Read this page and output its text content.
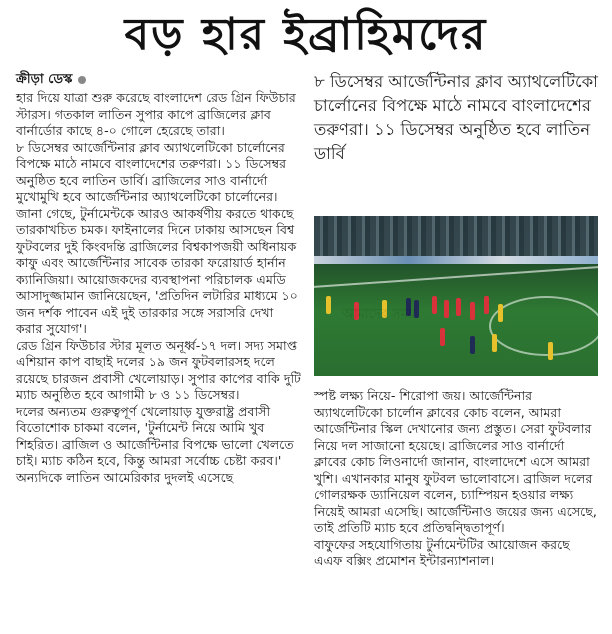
বড় হার ইব্রাহিমদের
ক্রীড়া ডেস্ক

হার দিয়ে যাত্রা শুরু করেছে বাংলাদেশ রেড গ্রিন ফিউচার স্টারস। গতকাল লাতিন সুপার কাপে ব্রাজিলের ক্লাব বার্নার্ডোর কাছে ৪-০ গোলে হেরেছে তারা।

৮ ডিসেম্বর আর্জেন্টিনার ক্লাব অ্যাথলেটিকো চার্লোনের বিপক্ষে মাঠে নামবে বাংলাদেশের তরুণরা। ১১ ডিসেম্বর অনুষ্ঠিত হবে লাতিন ডার্বি। ব্রাজিলের সাও বার্নার্দো মুখোমুখি হবে আর্জেন্টিনার অ্যাথলেটিকো চার্লোনের। জানা গেছে, টুর্নামেন্টকে আরও আকর্ষণীয় করতে থাকছে তারকাখচিত চমক। ফাইনালের দিনে ঢাকায় আসছেন বিশ্ব ফুটবলের দুই কিংবদন্তি ব্রাজিলের বিশ্বকাপজয়ী অধিনায়ক কাফু এবং আর্জেন্টিনার সাবেক তারকা ফরোয়ার্ড হার্নান ক্যানিজিয়া। আয়োজকদের ব্যবস্থাপনা পরিচালক এমডি আসাদুজ্জামান জানিয়েছেন, 'প্রতিদিন লটারির মাধ্যমে ১০ জন দর্শক পাবেন এই দুই তারকার সঙ্গে সরাসরি দেখা করার সুযোগ'।

রেড গ্রিন ফিউচার স্টার মূলত অনূর্ধ্ব-১৭ দল। সদ্য সমাপ্ত এশিয়ান কাপ বাছাই দলের ১৯ জন ফুটবলারসহ দলে রয়েছে চারজন প্রবাসী খেলোয়াড়। সুপার কাপের বাকি দুটি ম্যাচ অনুষ্ঠিত হবে আগামী ৮ ও ১১ ডিসেম্বর।

দলের অন্যতম গুরুত্বপূর্ণ খেলোয়াড় যুক্তরাষ্ট্র প্রবাসী বিতোশোক চাকমা বলেন, 'টুর্নামেন্ট নিয়ে আমি খুব শিহরিত। ব্রাজিল ও আর্জেন্টিনার বিপক্ষে ভালো খেলতে চাই। ম্যাচ কঠিন হবে, কিন্তু আমরা সর্বোচ্চ চেষ্টা করব।'

অন্যদিকে লাতিন আমেরিকার দুদলই এসেছে

৮ ডিসেম্বর আর্জেন্টিনার ক্লাব অ্যাথলেটিকো চার্লোনের বিপক্ষে মাঠে নামবে বাংলাদেশের তরুণরা। ১১ ডিসেম্বর অনুষ্ঠিত হবে লাতিন ডার্বি

স্পষ্ট লক্ষ্য নিয়ে- শিরোপা জয়। আর্জেন্টিনার অ্যাথলেটিকো চার্লোন ক্লাবের কোচ বলেন, আমরা আর্জেন্টিনার স্কিল দেখানোর জন্য প্রস্তুত। সেরা ফুটবলার নিয়ে দল সাজানো হয়েছে। ব্রাজিলের সাও বার্নার্দো ক্লাবের কোচ লিওনার্দো জানান, বাংলাদেশে এসে আমরা খুশি। এখানকার মানুষ ফুটবল ভালোবাসে। ব্রাজিল দলের গোলরক্ষক ড্যানিয়েল বলেন, চ্যাম্পিয়ন হওয়ার লক্ষ্য নিয়েই আমরা এসেছি। আর্জেন্টিনাও জয়ের জন্য এসেছে, তাই প্রতিটি ম্যাচ হবে প্রতিদ্বন্দ্বিতাপূর্ণ।

বাফুফের সহযোগিতায় টুর্নামেন্টটির আয়োজন করছে এএফ বক্সিং প্রমোশন ইন্টারন্যাশনাল।

আমাদের সময়
